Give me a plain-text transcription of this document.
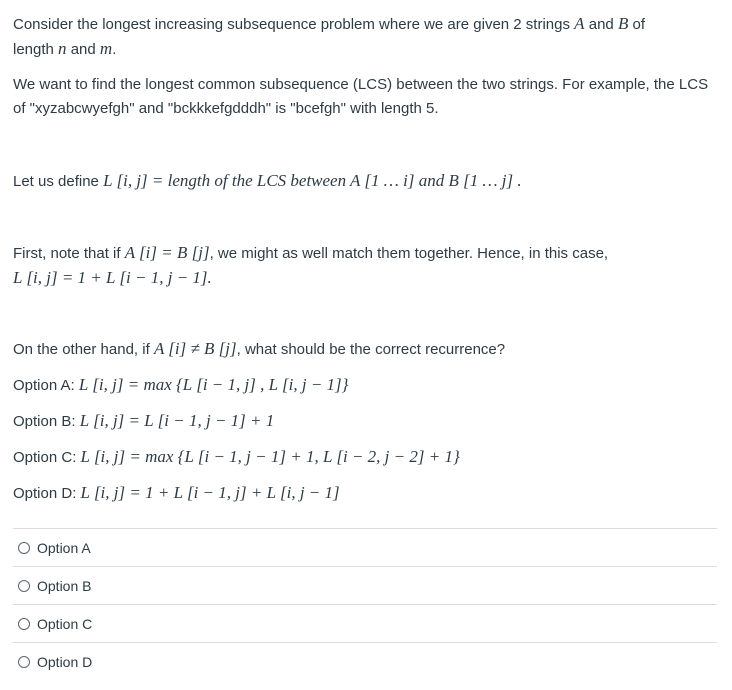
Consider the longest increasing subsequence problem where we are given 2 strings A and B of
length n and m.

We want to find the longest common subsequence (LCS) between the two strings. For example, the LCS of "xyzabcwyefgh" and "bckkkefgdddh" is "bcefgh" with length 5.

Let us define L [i, j] = length of the LCS between A [1 … i] and B [1 … j] .

First, note that if A [i] = B [j], we might as well match them together. Hence, in this case,
L [i, j] = 1 + L [i − 1, j − 1].

On the other hand, if A [i] ≠ B [j], what should be the correct recurrence?

Option A: L [i, j] = max {L [i − 1, j] , L [i, j − 1]}

Option B: L [i, j] = L [i − 1, j − 1] + 1

Option C: L [i, j] = max {L [i − 1, j − 1] + 1, L [i − 2, j − 2] + 1}

Option D: L [i, j] = 1 + L [i − 1, j] + L [i, j − 1]

Option A
Option B
Option C
Option D
